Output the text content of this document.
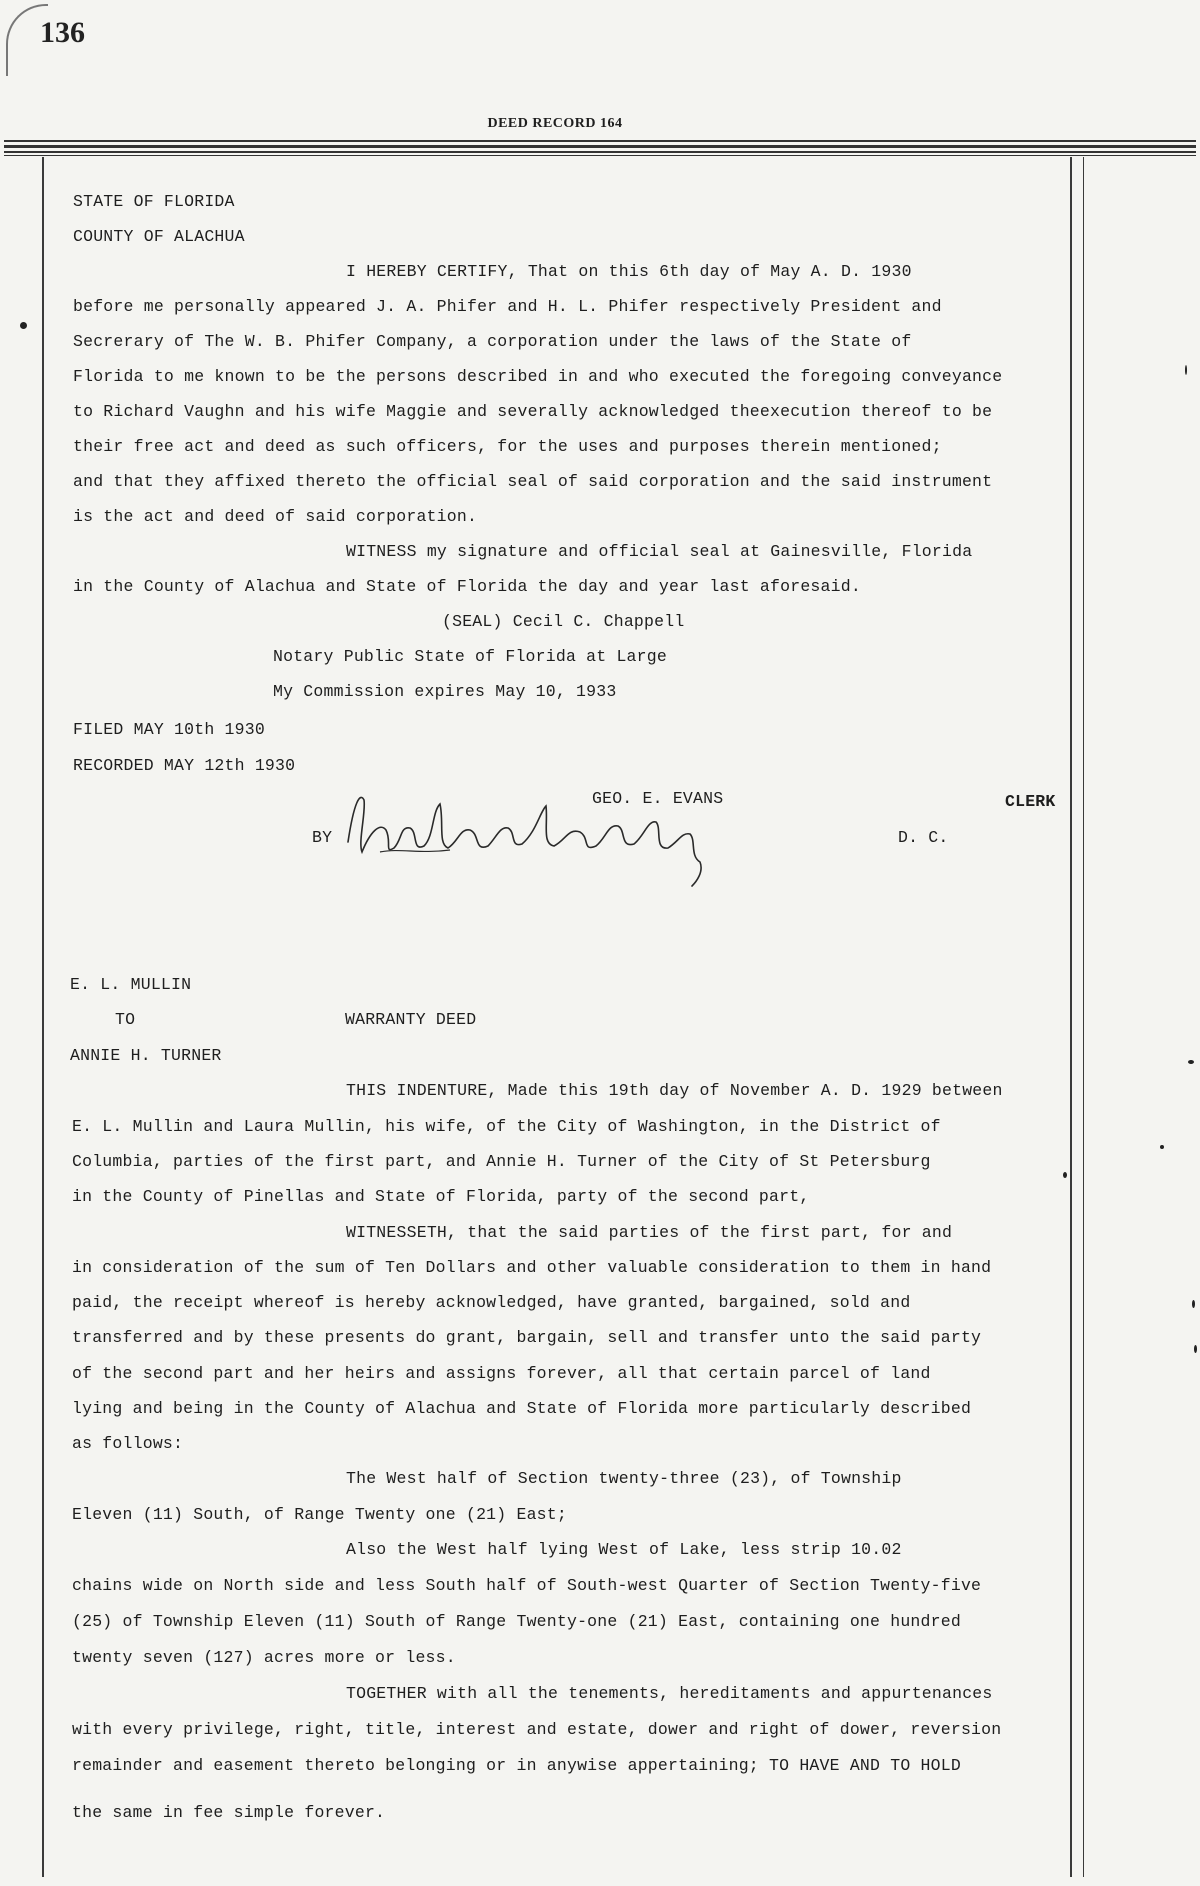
136
DEED RECORD 164
STATE OF FLORIDA
COUNTY OF ALACHUA
I HEREBY CERTIFY, That on this 6th day of May A. D. 1930
before me personally appeared J. A. Phifer and H. L. Phifer respectively President and
Secrerary of The W. B. Phifer Company, a corporation under the laws of the State of
Florida to me known to be the persons described in and who executed the foregoing conveyance
to Richard Vaughn and his wife Maggie and severally acknowledged theexecution thereof to be
their free act and deed as such officers, for the uses and purposes therein mentioned;
and that they affixed thereto the official seal of said corporation and the said instrument
is the act and deed of said corporation.
WITNESS my signature and official seal at Gainesville, Florida
in the County of Alachua and State of Florida the day and year last aforesaid.
(SEAL) Cecil C. Chappell
Notary Public State of Florida at Large
My Commission expires May 10, 1933
FILED MAY 10th 1930
RECORDED MAY 12th 1930
GEO. E. EVANS	CLERK
BY	D. C.
E. L. MULLIN
TO	WARRANTY DEED
ANNIE H. TURNER
THIS INDENTURE, Made this 19th day of November A. D. 1929 between
E. L. Mullin and Laura Mullin, his wife, of the City of Washington, in the District of
Columbia, parties of the first part, and Annie H. Turner of the City of St Petersburg
in the County of Pinellas and State of Florida, party of the second part,
WITNESSETH, that the said parties of the first part, for and
in consideration of the sum of Ten Dollars and other valuable consideration to them in hand
paid, the receipt whereof is hereby acknowledged, have granted, bargained, sold and
transferred and by these presents do grant, bargain, sell and transfer unto the said party
of the second part and her heirs and assigns forever, all that certain parcel of land
lying and being in the County of Alachua and State of Florida more particularly described
as follows:
The West half of Section twenty-three (23), of Township
Eleven (11) South, of Range Twenty one (21) East;
Also the West half lying West of Lake, less strip 10.02
chains wide on North side and less South half of South-west Quarter of Section Twenty-five
(25) of Township Eleven (11) South of Range Twenty-one (21) East, containing one hundred
twenty seven (127) acres more or less.
TOGETHER with all the tenements, hereditaments and appurtenances
with every privilege, right, title, interest and estate, dower and right of dower, reversion
remainder and easement thereto belonging or in anywise appertaining; TO HAVE AND TO HOLD
the same in fee simple forever.
